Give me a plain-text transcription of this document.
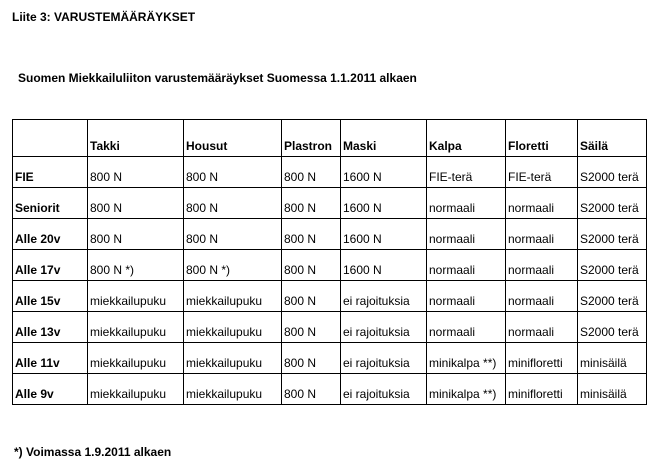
Liite 3: VARUSTEMÄÄRÄYKSET
Suomen Miekkailuliiton varustemääräykset Suomessa 1.1.2011 alkaen
	Takki	Housut	Plastron	Maski	Kalpa	Floretti	Säilä
FIE	800 N	800 N	800 N	1600 N	FIE-terä	FIE-terä	S2000 terä
Seniorit	800 N	800 N	800 N	1600 N	normaali	normaali	S2000 terä
Alle 20v	800 N	800 N	800 N	1600 N	normaali	normaali	S2000 terä
Alle 17v	800 N *)	800 N *)	800 N	1600 N	normaali	normaali	S2000 terä
Alle 15v	miekkailupuku	miekkailupuku	800 N	ei rajoituksia	normaali	normaali	S2000 terä
Alle 13v	miekkailupuku	miekkailupuku	800 N	ei rajoituksia	normaali	normaali	S2000 terä
Alle 11v	miekkailupuku	miekkailupuku	800 N	ei rajoituksia	minikalpa **)	minifloretti	minisäilä
Alle 9v	miekkailupuku	miekkailupuku	800 N	ei rajoituksia	minikalpa **)	minifloretti	minisäilä
*) Voimassa 1.9.2011 alkaen
